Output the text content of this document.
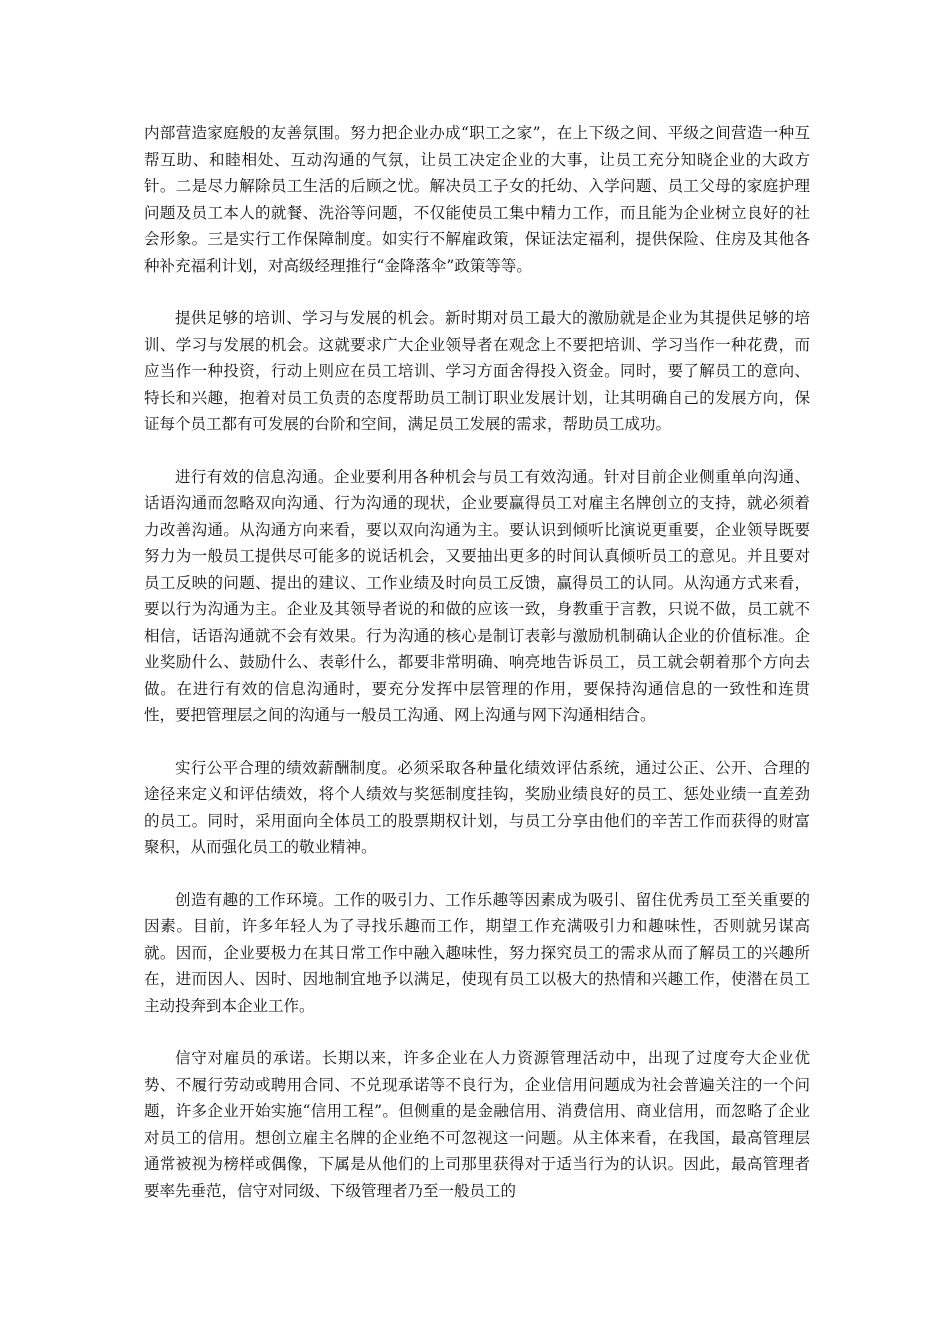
内部营造家庭般的友善氛围。努力把企业办成“职工之家”，在上下级之间、平级之间营造一种互帮互助、和睦相处、互动沟通的气氛，让员工决定企业的大事，让员工充分知晓企业的大政方针。二是尽力解除员工生活的后顾之忧。解决员工子女的托幼、入学问题、员工父母的家庭护理问题及员工本人的就餐、洗浴等问题，不仅能使员工集中精力工作，而且能为企业树立良好的社会形象。三是实行工作保障制度。如实行不解雇政策，保证法定福利，提供保险、住房及其他各种补充福利计划，对高级经理推行“金降落伞”政策等等。

提供足够的培训、学习与发展的机会。新时期对员工最大的激励就是企业为其提供足够的培训、学习与发展的机会。这就要求广大企业领导者在观念上不要把培训、学习当作一种花费，而应当作一种投资，行动上则应在员工培训、学习方面舍得投入资金。同时，要了解员工的意向、特长和兴趣，抱着对员工负责的态度帮助员工制订职业发展计划，让其明确自己的发展方向，保证每个员工都有可发展的台阶和空间，满足员工发展的需求，帮助员工成功。

进行有效的信息沟通。企业要利用各种机会与员工有效沟通。针对目前企业侧重单向沟通、话语沟通而忽略双向沟通、行为沟通的现状，企业要赢得员工对雇主名牌创立的支持，就必须着力改善沟通。从沟通方向来看，要以双向沟通为主。要认识到倾听比演说更重要，企业领导既要努力为一般员工提供尽可能多的说话机会，又要抽出更多的时间认真倾听员工的意见。并且要对员工反映的问题、提出的建议、工作业绩及时向员工反馈，赢得员工的认同。从沟通方式来看，要以行为沟通为主。企业及其领导者说的和做的应该一致，身教重于言教，只说不做，员工就不相信，话语沟通就不会有效果。行为沟通的核心是制订表彰与激励机制确认企业的价值标准。企业奖励什么、鼓励什么、表彰什么，都要非常明确、响亮地告诉员工，员工就会朝着那个方向去做。在进行有效的信息沟通时，要充分发挥中层管理的作用，要保持沟通信息的一致性和连贯性，要把管理层之间的沟通与一般员工沟通、网上沟通与网下沟通相结合。

实行公平合理的绩效薪酬制度。必须采取各种量化绩效评估系统，通过公正、公开、合理的途径来定义和评估绩效，将个人绩效与奖惩制度挂钩，奖励业绩良好的员工、惩处业绩一直差劲的员工。同时，采用面向全体员工的股票期权计划，与员工分享由他们的辛苦工作而获得的财富聚积，从而强化员工的敬业精神。

创造有趣的工作环境。工作的吸引力、工作乐趣等因素成为吸引、留住优秀员工至关重要的因素。目前，许多年轻人为了寻找乐趣而工作，期望工作充满吸引力和趣味性，否则就另谋高就。因而，企业要极力在其日常工作中融入趣味性，努力探究员工的需求从而了解员工的兴趣所在，进而因人、因时、因地制宜地予以满足，使现有员工以极大的热情和兴趣工作，使潜在员工主动投奔到本企业工作。

信守对雇员的承诺。长期以来，许多企业在人力资源管理活动中，出现了过度夸大企业优势、不履行劳动或聘用合同、不兑现承诺等不良行为，企业信用问题成为社会普遍关注的一个问题，许多企业开始实施“信用工程”。但侧重的是金融信用、消费信用、商业信用，而忽略了企业对员工的信用。想创立雇主名牌的企业绝不可忽视这一问题。从主体来看，在我国，最高管理层通常被视为榜样或偶像，下属是从他们的上司那里获得对于适当行为的认识。因此，最高管理者要率先垂范，信守对同级、下级管理者乃至一般员工的
